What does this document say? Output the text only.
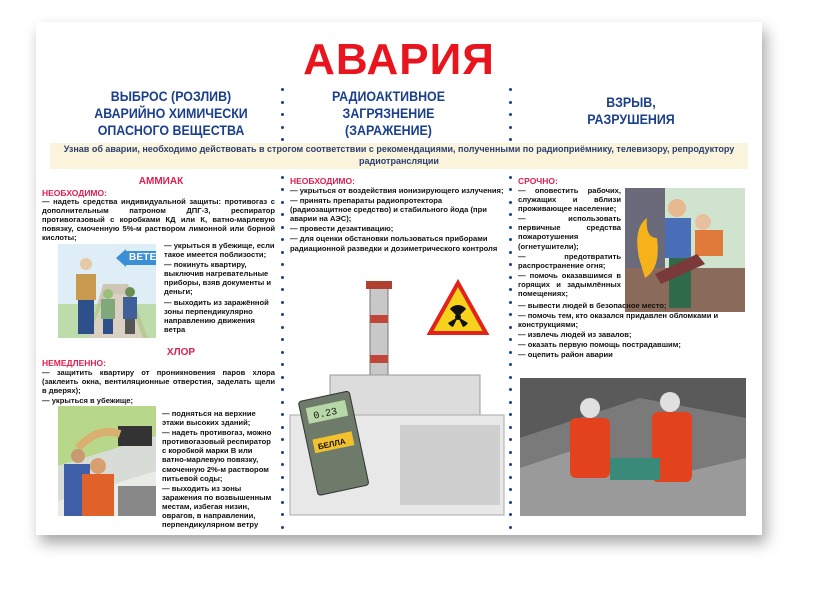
АВАРИЯ
ВЫБРОС (РОЗЛИВ) АВАРИЙНО ХИМИЧЕСКИ ОПАСНОГО ВЕЩЕСТВА
РАДИОАКТИВНОЕ ЗАГРЯЗНЕНИЕ (ЗАРАЖЕНИЕ)
ВЗРЫВ, РАЗРУШЕНИЯ
Узнав об аварии, необходимо действовать в строгом соответствии с рекомендациями, полученными по радиоприёмнику, телевизору, репродуктору радиотрансляции
АММИАК
НЕОБХОДИМО:
— надеть средства индивидуальной защиты: противогаз с дополнительным патроном ДПГ-3, респиратор противогазовый с коробками КД или К, ватно-марлевую повязку, смоченную 5%-м раствором лимонной или борной кислоты;
ВЕТЕР

— укрыться в убежище, если такое имеется поблизости;

— покинуть квартиру, выключив нагревательные приборы, взяв документы и деньги;

— выходить из заражённой зоны перпендикулярно направлению движения ветра

ХЛОР
НЕМЕДЛЕННО:

— защитить квартиру от проникновения паров хлора (заклеить окна, вентиляционные отверстия, заделать щели в дверях);

— укрыться в убежище;

— подняться на верхние этажи высоких зданий;

— надеть противогаз, можно противогазовый респиратор с коробкой марки В или ватно-марлевую повязку, смоченную 2%-м раствором питьевой соды;

— выходить из зоны заражения по возвышенным местам, избегая низин, оврагов, в направлении, перпендикулярном ветру

НЕОБХОДИМО:

— укрыться от воздействия ионизирующего излучения;

— принять препараты радиопротектора (радиозащитное средство) и стабильного йода (при аварии на АЭС);

— провести дезактивацию;

— для оценки обстановки пользоваться приборами радиационной разведки и дозиметрического контроля

0.23
БЕЛЛА
СРОЧНО:

— оповестить рабочих, служащих и вблизи проживающее население;

— использовать первичные средства пожаротушения (огнетушители);

— предотвратить распространение огня;

— помочь оказавшимся в горящих и задымлённых помещениях;

— вывести людей в безопасное место;

— помочь тем, кто оказался придавлен обломками и конструкциями;

— извлечь людей из завалов;

— оказать первую помощь пострадавшим;

— оцепить район аварии
